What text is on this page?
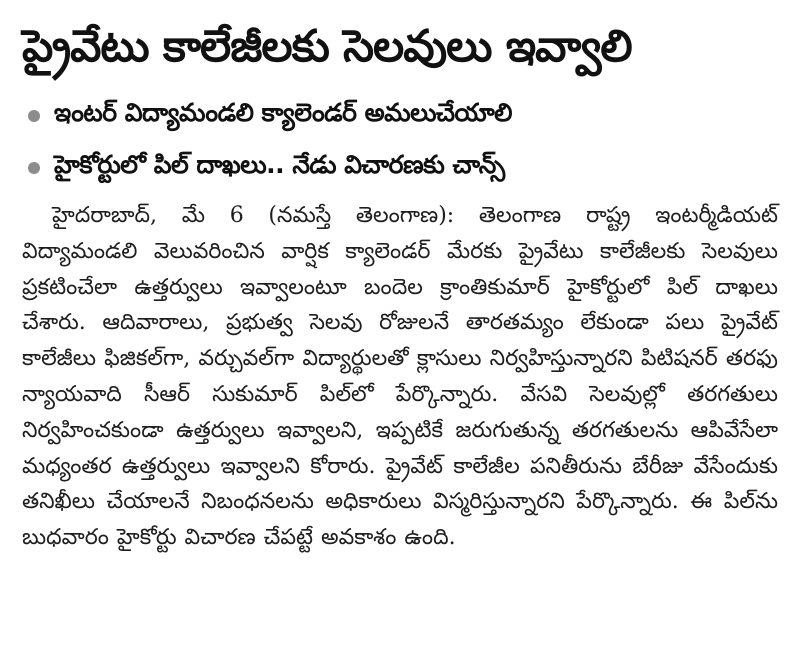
ప్రైవేటు కాలేజీలకు సెలవులు ఇవ్వాలి
ఇంటర్ విద్యామండలి క్యాలెండర్ అమలుచేయాలి
హైకోర్టులో పిల్ దాఖలు.. నేడు విచారణకు చాన్స్

హైదరాబాద్, మే 6 (నమస్తే తెలంగాణ): తెలంగాణ రాష్ట్ర ఇంటర్మీడియట్ విద్యామండలి వెలువరించిన వార్షిక క్యాలెండర్ మేరకు ప్రైవేటు కాలేజీలకు సెలవులు ప్రకటించేలా ఉత్తర్వులు ఇవ్వాలంటూ బందెల క్రాంతికుమార్ హైకోర్టులో పిల్ దాఖలు చేశారు. ఆదివారాలు, ప్రభుత్వ సెలవు రోజులనే తారతమ్యం లేకుండా పలు ప్రైవేట్ కాలేజీలు ఫిజికల్‌గా, వర్చువల్‌గా విద్యార్థులతో క్లాసులు నిర్వహిస్తున్నారని పిటిషనర్ తరఫు న్యాయవాది సీఆర్ సుకుమార్ పిల్‌లో పేర్కొన్నారు. వేసవి సెలవుల్లో తరగతులు నిర్వహించకుండా ఉత్తర్వులు ఇవ్వాలని, ఇప్పటికే జరుగుతున్న తరగతులను ఆపివేసేలా మధ్యంతర ఉత్తర్వులు ఇవ్వాలని కోరారు. ప్రైవేట్ కాలేజీల పనితీరును బేరీజు వేసేందుకు తనిఖీలు చేయాలనే నిబంధనలను అధికారులు విస్మరిస్తున్నారని పేర్కొన్నారు. ఈ పిల్‌ను బుధవారం హైకోర్టు విచారణ చేపట్టే అవకాశం ఉంది.
